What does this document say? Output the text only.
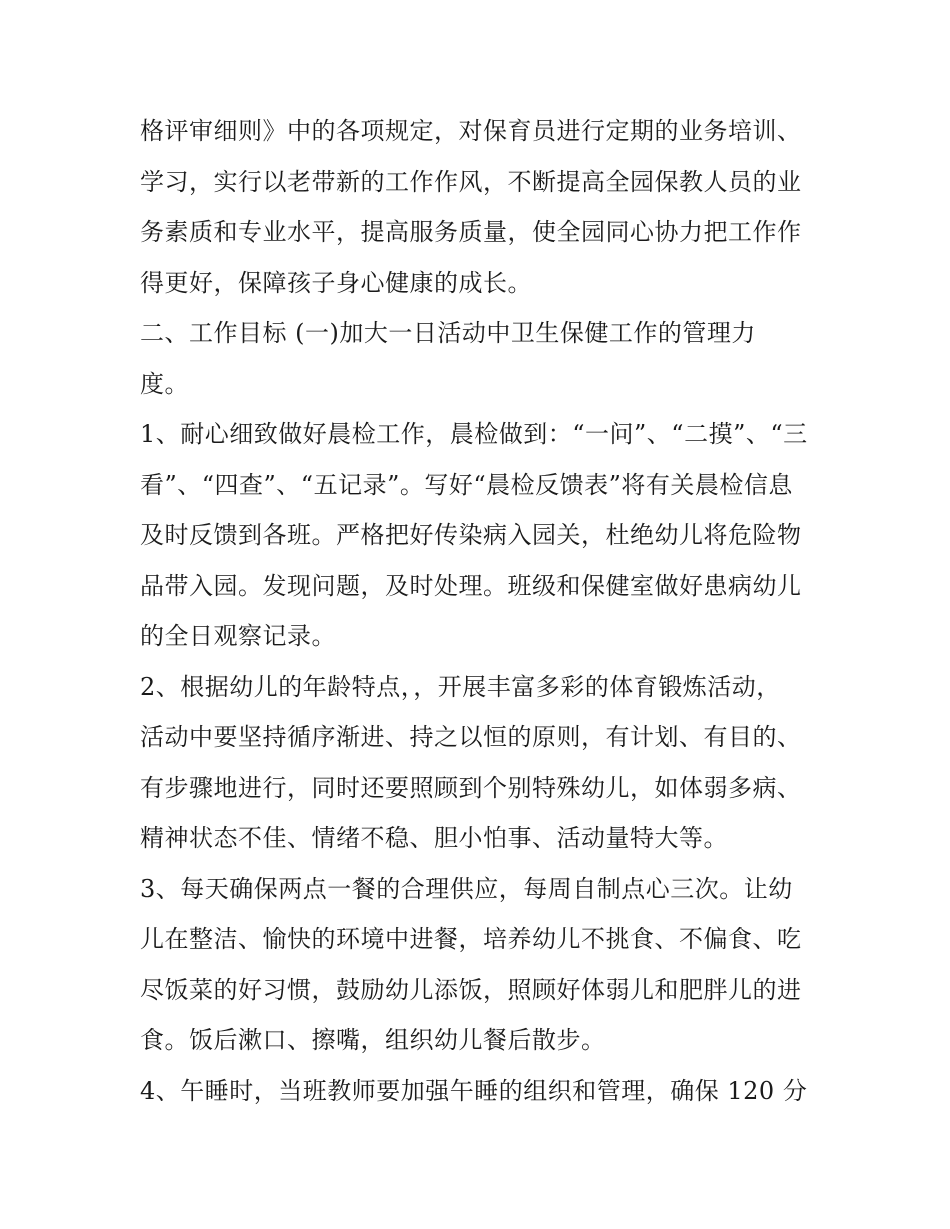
格评审细则》中的各项规定，对保育员进行定期的业务培训、
学习，实行以老带新的工作作风，不断提高全园保教人员的业
务素质和专业水平，提高服务质量，使全园同心协力把工作作
得更好，保障孩子身心健康的成长。
二、工作目标 (一)加大一日活动中卫生保健工作的管理力
度。
1、耐心细致做好晨检工作，晨检做到：“一问”、“二摸”、“三
看”、“四查”、“五记录”。写好“晨检反馈表”将有关晨检信息
及时反馈到各班。严格把好传染病入园关，杜绝幼儿将危险物
品带入园。发现问题，及时处理。班级和保健室做好患病幼儿
的全日观察记录。
2、根据幼儿的年龄特点，，开展丰富多彩的体育锻炼活动，
活动中要坚持循序渐进、持之以恒的原则，有计划、有目的、
有步骤地进行，同时还要照顾到个别特殊幼儿，如体弱多病、
精神状态不佳、情绪不稳、胆小怕事、活动量特大等。
3、每天确保两点一餐的合理供应，每周自制点心三次。让幼
儿在整洁、愉快的环境中进餐，培养幼儿不挑食、不偏食、吃
尽饭菜的好习惯，鼓励幼儿添饭，照顾好体弱儿和肥胖儿的进
食。饭后漱口、擦嘴，组织幼儿餐后散步。
4、午睡时，当班教师要加强午睡的组织和管理，确保 120 分
